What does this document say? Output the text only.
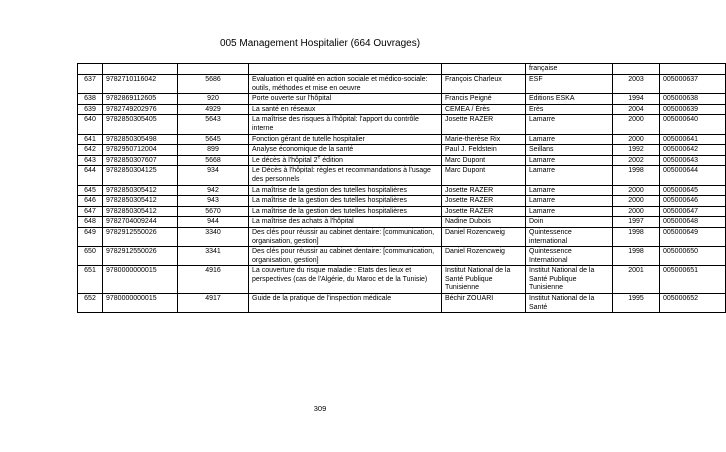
005 Management Hospitalier (664 Ouvrages)
					française		
637	9782710116042	5686	Evaluation et qualité en action sociale et médico-sociale: outils, méthodes et mise en oeuvre	François Charleux	ESF	2003	005000637
638	9782869112605	920	Porte ouverte sur l'hôpital	Francis Peigné	Editions ESKA	1994	005000638
639	9782749202976	4929	La santé en réseaux	CEMEA / Érès	Erès	2004	005000639
640	9782850305405	5643	La maîtrise des risques à l'hôpital: l'apport du contrôle interne	Josette RAZER	Lamarre	2000	005000640
641	9782850305498	5645	Fonction gérant de tutelle hospitalier	Marie-therèse Rix	Lamarre	2000	005000641
642	9782950712004	899	Analyse économique de la santé	Paul J. Feldstein	Seillans	1992	005000642
643	9782850307607	5668	Le décès à l'hôpital 2e édition	Marc Dupont	Lamarre	2002	005000643
644	9782850304125	934	Le Décès à l'hôpital: règles et recommandations à l'usage des personnels	Marc Dupont	Lamarre	1998	005000644
645	9782850305412	942	La maîtrise de la gestion des tutelles hospitalières	Josette RAZER	Lamarre	2000	005000645
646	9782850305412	943	La maîtrise de la gestion des tutelles hospitalières	Josette RAZER	Lamarre	2000	005000646
647	9782850305412	5670	La maîtrise de la gestion des tutelles hospitalières	Josette RAZER	Lamarre	2000	005000647
648	9782704009244	944	La maîtrise des achats à l'hôpital	Nadine Dubois	Doin	1997	005000648
649	9782912550026	3340	Des clés pour réussir au cabinet dentaire: [communication, organisation, gestion]	Daniel Rozencweig	Quintessence international	1998	005000649
650	9782912550026	3341	Des clés pour réussir au cabinet dentaire: [communication, organisation, gestion]	Daniel Rozencweig	Quintessence International	1998	005000650
651	9780000000015	4916	La couverture du risque maladie : Etats des lieux et perspectives (cas de l'Algérie, du Maroc et de la Tunisie)	Institut National de la Santé Publique Tunisienne	Institut National de la Santé Publique Tunisienne	2001	005000651
652	9780000000015	4917	Guide de la pratique de l'inspection médicale	Béchir ZOUARI	Institut National de la Santé	1995	005000652
309
